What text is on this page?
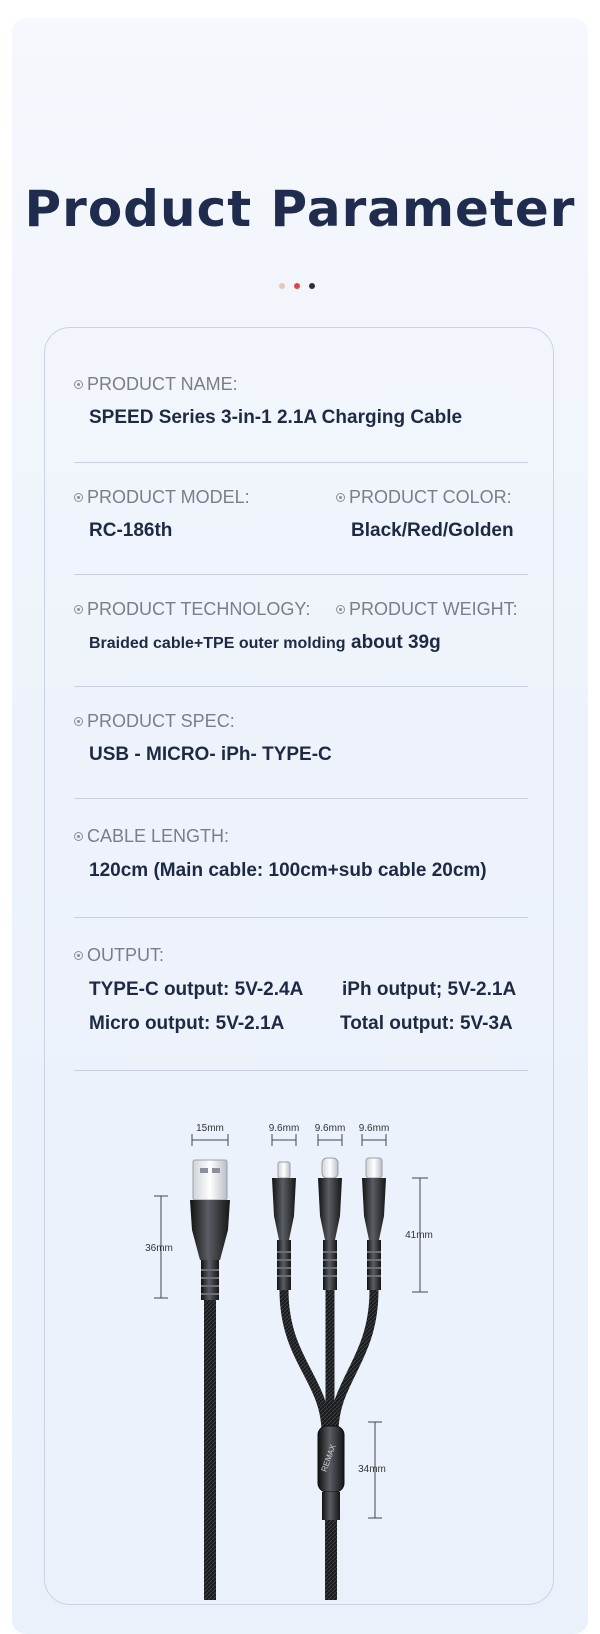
Product Parameter
PRODUCT NAME:
SPEED Series 3-in-1 2.1A Charging Cable
PRODUCT MODEL:
RC-186th
PRODUCT COLOR:
Black/Red/Golden
PRODUCT TECHNOLOGY:
Braided cable+TPE outer molding
PRODUCT WEIGHT:
about 39g
PRODUCT SPEC:
USB - MICRO- iPh- TYPE-C
CABLE LENGTH:
120cm (Main cable: 100cm+sub cable 20cm)
OUTPUT:
TYPE-C output: 5V-2.4A iPh output; 5V-2.1A
Micro output: 5V-2.1A	Total output: 5V-3A
15mm	9.6mm 9.6mm 9.6mm
36mm
41mm
34mm
REMAX
